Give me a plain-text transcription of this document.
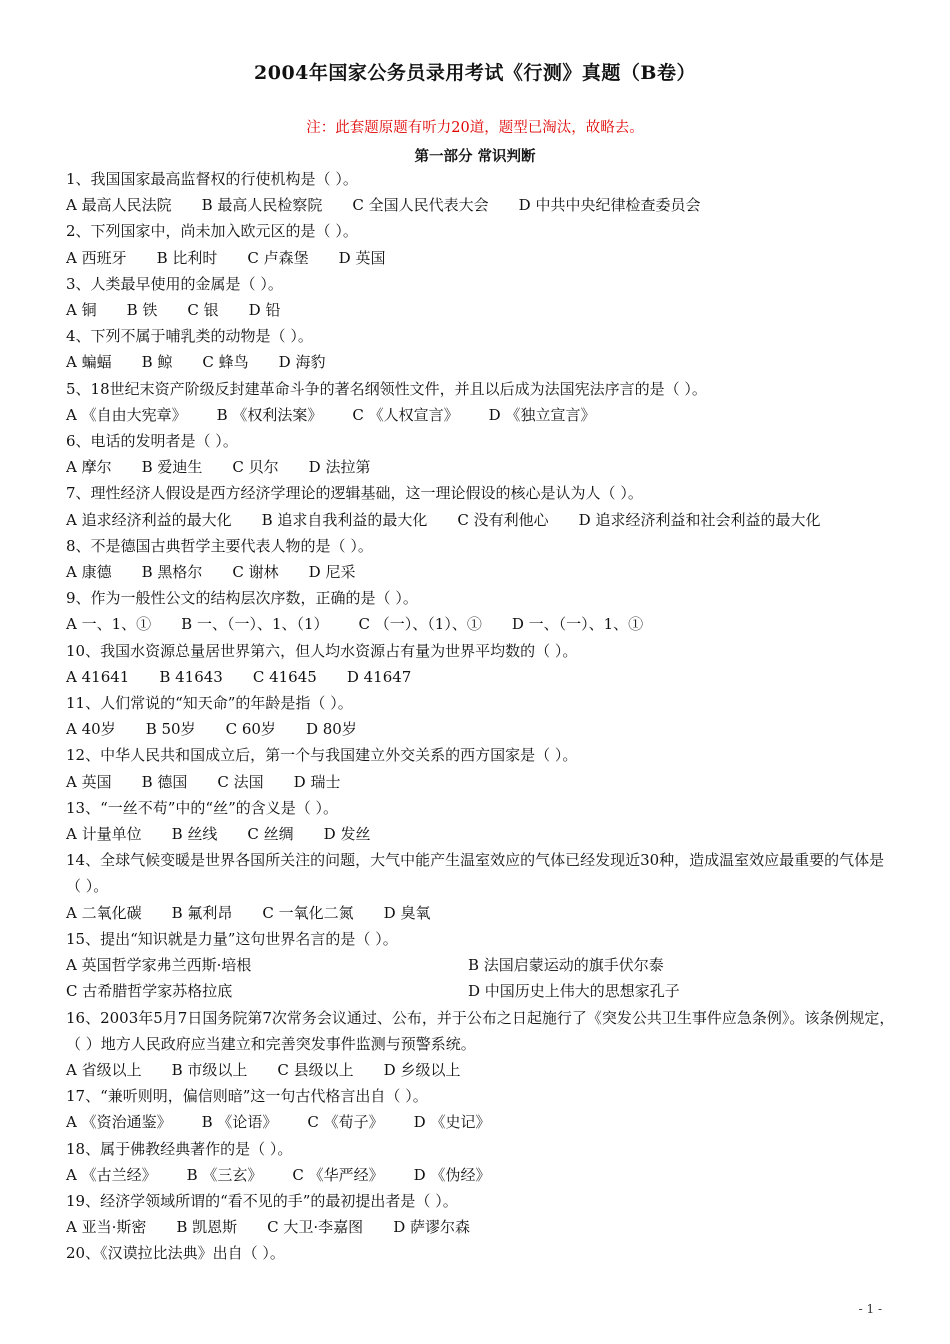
2004年国家公务员录用考试《行测》真题（B卷）
注：此套题原题有听力20道，题型已淘汰，故略去。
第一部分 常识判断
1、我国国家最高监督权的行使机构是（ ）。
A 最高人民法院 B 最高人民检察院 C 全国人民代表大会 D 中共中央纪律检查委员会
2、下列国家中，尚未加入欧元区的是（ ）。
A 西班牙 B 比利时 C 卢森堡 D 英国
3、人类最早使用的金属是（ ）。
A 铜 B 铁 C 银 D 铅
4、下列不属于哺乳类的动物是（ ）。
A 蝙蝠 B 鲸 C 蜂鸟 D 海豹
5、18世纪末资产阶级反封建革命斗争的著名纲领性文件，并且以后成为法国宪法序言的是（ ）。
A 《自由大宪章》 B 《权利法案》 C 《人权宣言》 D 《独立宣言》
6、电话的发明者是（ ）。
A 摩尔 B 爱迪生 C 贝尔 D 法拉第
7、理性经济人假设是西方经济学理论的逻辑基础，这一理论假设的核心是认为人（ ）。
A 追求经济利益的最大化 B 追求自我利益的最大化 C 没有利他心 D 追求经济利益和社会利益的最大化
8、不是德国古典哲学主要代表人物的是（ ）。
A 康德 B 黑格尔 C 谢林 D 尼采
9、作为一般性公文的结构层次序数，正确的是（ ）。
A 一、1、① B 一、（一）、1、（1） C （一）、（1）、① D 一、（一）、1、①
10、我国水资源总量居世界第六，但人均水资源占有量为世界平均数的（ ）。
A 41641 B 41643 C 41645 D 41647
11、人们常说的“知天命”的年龄是指（ ）。
A 40岁 B 50岁 C 60岁 D 80岁
12、中华人民共和国成立后，第一个与我国建立外交关系的西方国家是（ ）。
A 英国 B 德国 C 法国 D 瑞士
13、“一丝不苟”中的“丝”的含义是（ ）。
A 计量单位 B 丝线 C 丝绸 D 发丝
14、全球气候变暖是世界各国所关注的问题，大气中能产生温室效应的气体已经发现近30种，造成温室效应最重要的气体是（ ）。
A 二氧化碳 B 氟利昂 C 一氧化二氮 D 臭氧
15、提出“知识就是力量”这句世界名言的是（ ）。
A 英国哲学家弗兰西斯·培根	B 法国启蒙运动的旗手伏尔泰
C 古希腊哲学家苏格拉底	D 中国历史上伟大的思想家孔子
16、2003年5月7日国务院第7次常务会议通过、公布，并于公布之日起施行了《突发公共卫生事件应急条例》。该条例规定，（ ）地方人民政府应当建立和完善突发事件监测与预警系统。
A 省级以上 B 市级以上 C 县级以上 D 乡级以上
17、“兼听则明，偏信则暗”这一句古代格言出自（ ）。
A 《资治通鉴》 B 《论语》 C 《荀子》 D 《史记》
18、属于佛教经典著作的是（ ）。
A 《古兰经》 B 《三玄》 C 《华严经》 D 《伪经》
19、经济学领域所谓的“看不见的手”的最初提出者是（ ）。
A 亚当·斯密 B 凯恩斯 C 大卫·李嘉图 D 萨谬尔森
20、《汉谟拉比法典》出自（ ）。
- 1 -
